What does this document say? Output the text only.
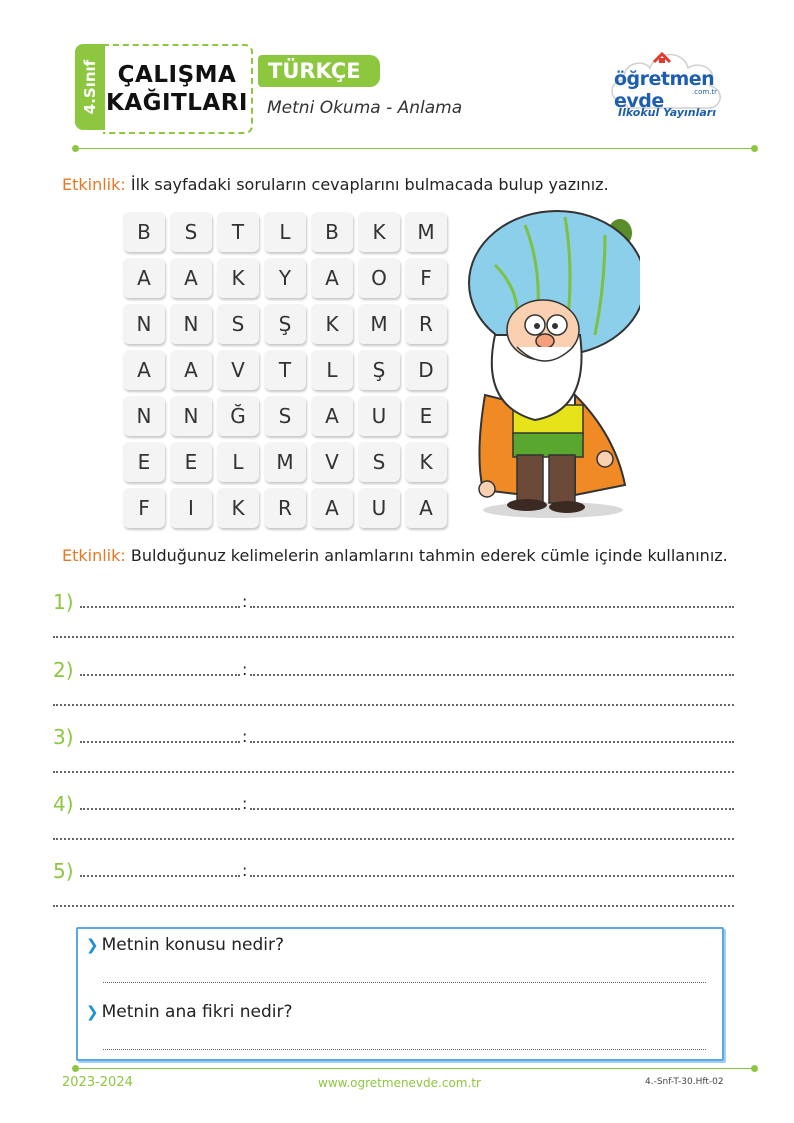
4.Sınıf ÇALIŞMA
KAĞITLARI
TÜRKÇE
Metni Okuma - Anlama
öğretmen evde	.com.tr
İlkokul Yayınları
Etkinlik: İlk sayfadaki soruların cevaplarını bulmacada bulup yazınız.
B	S	T	L	B	K	M
A	A	K	Y	A	O	F
N	N	S	Ş	K	M	R
A	A	V	T	L	Ş	D
N	N	Ğ	S	A	U	E
E	E	L	M	V	S	K
F	I	K	R	A	U	A
Etkinlik: Bulduğunuz kelimelerin anlamlarını tahmin ederek cümle içinde kullanınız.
1)	:
2)	:
3)	:
4)	:
5)	:
❯ Metnin konusu nedir?
❯ Metnin ana fikri nedir?
2023-2024	www.ogretmenevde.com.tr	4.-Snf-T-30.Hft-02
